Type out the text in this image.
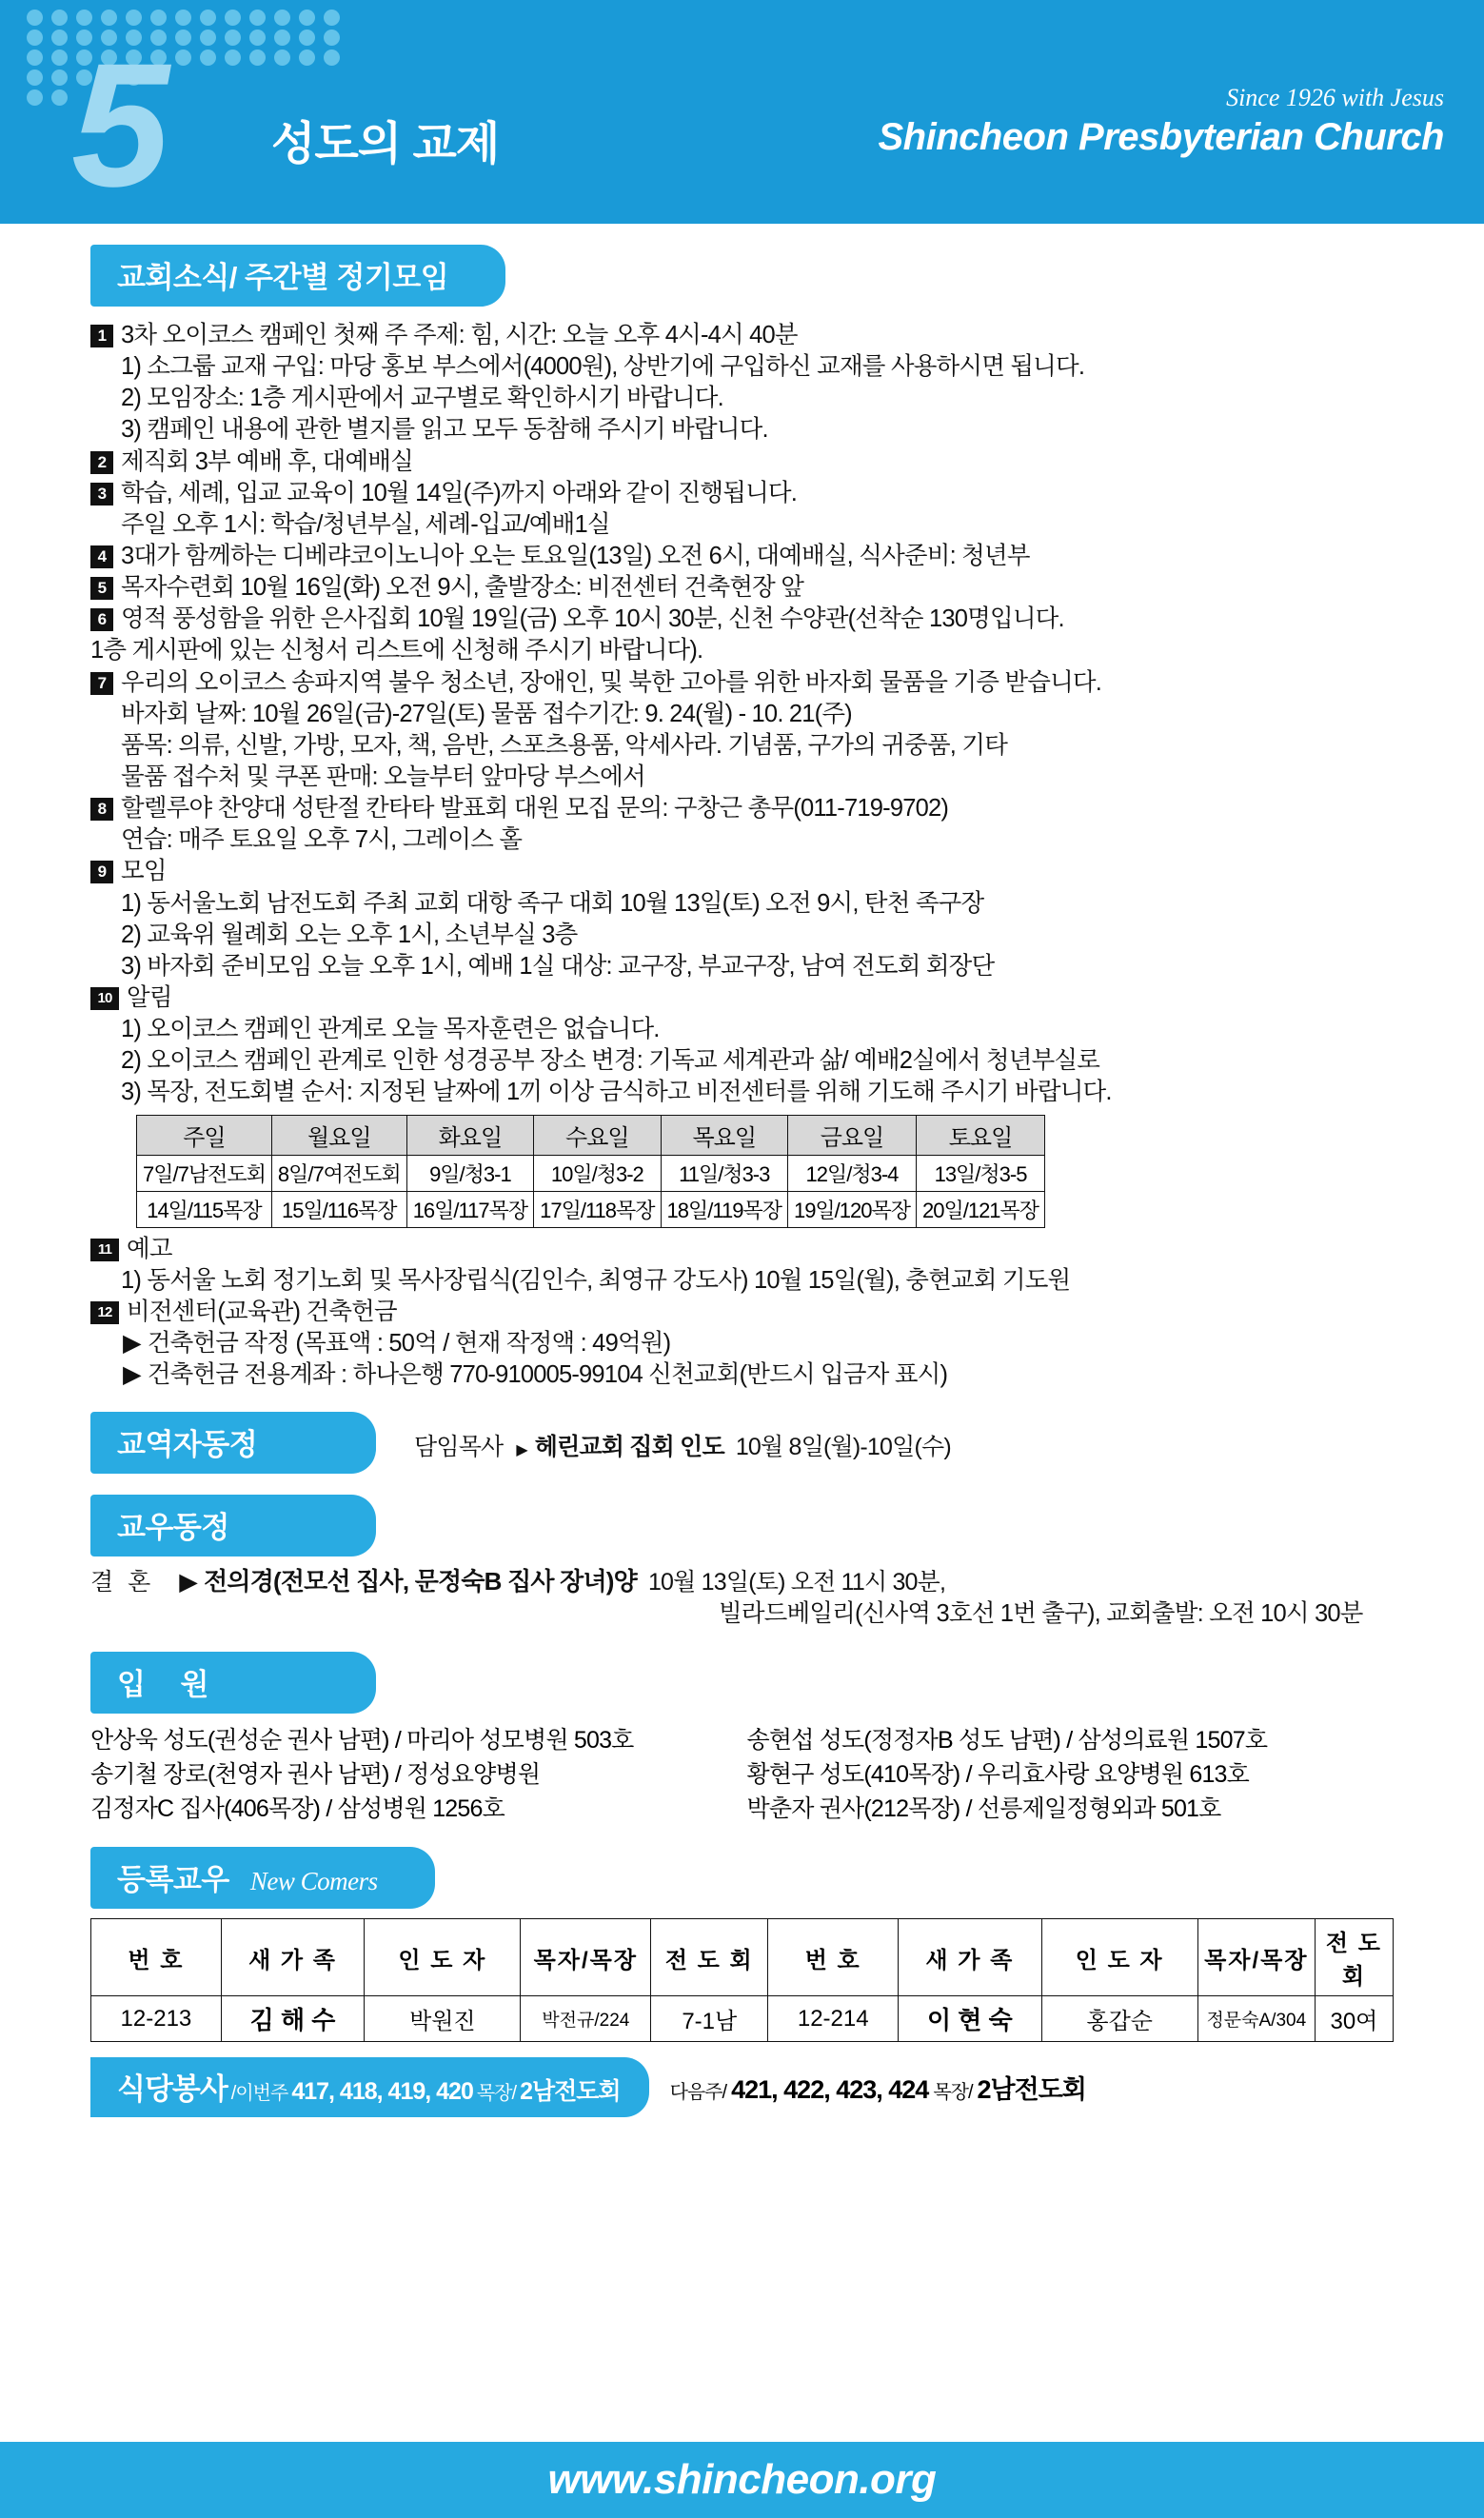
5 성도의 교제
Since 1926 with Jesus
Shincheon Presbyterian Church
교회소식/ 주간별 정기모임
1 3차 오이코스 캠페인 첫째 주 주제: 힘, 시간: 오늘 오후 4시-4시 40분
1) 소그룹 교재 구입: 마당 홍보 부스에서(4000원), 상반기에 구입하신 교재를 사용하시면 됩니다.
2) 모임장소: 1층 게시판에서 교구별로 확인하시기 바랍니다.
3) 캠페인 내용에 관한 별지를 읽고 모두 동참해 주시기 바랍니다.
2 제직회 3부 예배 후, 대예배실
3 학습, 세례, 입교 교육이 10월 14일(주)까지 아래와 같이 진행됩니다.
주일 오후 1시: 학습/청년부실, 세례-입교/예배1실
4 3대가 함께하는 디베랴코이노니아 오는 토요일(13일) 오전 6시, 대예배실, 식사준비: 청년부
5 목자수련회 10월 16일(화) 오전 9시, 출발장소: 비전센터 건축현장 앞
6 영적 풍성함을 위한 은사집회 10월 19일(금) 오후 10시 30분, 신천 수양관(선착순 130명입니다.
1층 게시판에 있는 신청서 리스트에 신청해 주시기 바랍니다).
7 우리의 오이코스 송파지역 불우 청소년, 장애인, 및 북한 고아를 위한 바자회 물품을 기증 받습니다.
바자회 날짜: 10월 26일(금)-27일(토) 물품 접수기간: 9. 24(월) - 10. 21(주)
품목: 의류, 신발, 가방, 모자, 책, 음반, 스포츠용품, 악세사라. 기념품, 구가의 귀중품, 기타
물품 접수처 및 쿠폰 판매: 오늘부터 앞마당 부스에서
8 할렐루야 찬양대 성탄절 칸타타 발표회 대원 모집 문의: 구창근 총무(011-719-9702)
연습: 매주 토요일 오후 7시, 그레이스 홀
9 모임
1) 동서울노회 남전도회 주최 교회 대항 족구 대회 10월 13일(토) 오전 9시, 탄천 족구장
2) 교육위 월례회 오는 오후 1시, 소년부실 3층
3) 바자회 준비모임 오늘 오후 1시, 예배 1실 대상: 교구장, 부교구장, 남여 전도회 회장단
10 알림
1) 오이코스 캠페인 관계로 오늘 목자훈련은 없습니다.
2) 오이코스 캠페인 관계로 인한 성경공부 장소 변경: 기독교 세계관과 삶/ 예배2실에서 청년부실로
3) 목장, 전도회별 순서: 지정된 날짜에 1끼 이상 금식하고 비전센터를 위해 기도해 주시기 바랍니다.
주일	월요일	화요일	수요일	목요일	금요일	토요일
7일/7남전도회	8일/7여전도회	9일/청3-1	10일/청3-2	11일/청3-3	12일/청3-4	13일/청3-5
14일/115목장	15일/116목장	16일/117목장	17일/118목장	18일/119목장	19일/120목장	20일/121목장
11 예고
1) 동서울 노회 정기노회 및 목사장립식(김인수, 최영규 강도사) 10월 15일(월), 충현교회 기도원
12 비전센터(교육관) 건축헌금
▶ 건축헌금 작정 (목표액 : 50억 / 현재 작정액 : 49억원)
▶ 건축헌금 전용계좌 : 하나은행 770-910005-99104 신천교회(반드시 입금자 표시)
교역자동정	담임목사 ▶ 헤린교회 집회 인도 10월 8일(월)-10일(수)
교우동정
결 혼 ▶ 전의경(전모선 집사, 문정숙B 집사 장녀)양 10월 13일(토) 오전 11시 30분,
빌라드베일리(신사역 3호선 1번 출구), 교회출발: 오전 10시 30분
입 원
안상욱 성도(권성순 권사 남편) / 마리아 성모병원 503호
송기철 장로(천영자 권사 남편) / 정성요양병원
김정자C 집사(406목장) / 삼성병원 1256호
송현섭 성도(정정자B 성도 남편) / 삼성의료원 1507호
황현구 성도(410목장) / 우리효사랑 요양병원 613호
박춘자 권사(212목장) / 선릉제일정형외과 501호
등록교우 New Comers
번 호	새 가 족	인 도 자	목자/목장	전 도 회	번 호	새 가 족	인 도 자	목자/목장	전 도 회
12-213	김 해 수	박원진	박전규/224	7-1남	12-214	이 현 숙	홍갑순	정문숙A/304	30여
식당봉사 /이번주 417, 418, 419, 420 목장/ 2남전도회	다음주/ 421, 422, 423, 424 목장/ 2남전도회
www.shincheon.org
